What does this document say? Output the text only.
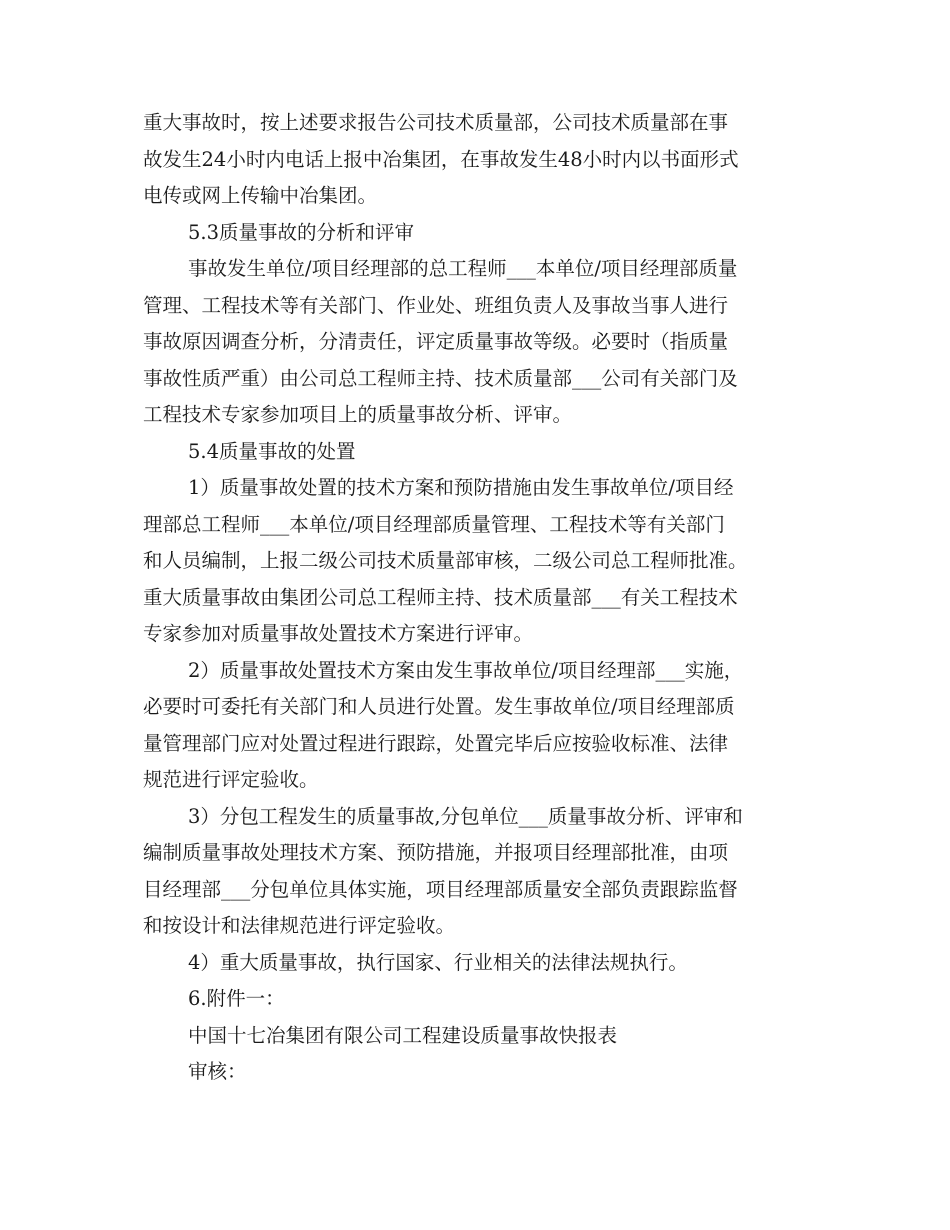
重大事故时，按上述要求报告公司技术质量部，公司技术质量部在事
故发生24小时内电话上报中冶集团，在事故发生48小时内以书面形式
电传或网上传输中冶集团。
5.3质量事故的分析和评审
事故发生单位/项目经理部的总工程师___本单位/项目经理部质量
管理、工程技术等有关部门、作业处、班组负责人及事故当事人进行
事故原因调查分析，分清责任，评定质量事故等级。必要时（指质量
事故性质严重）由公司总工程师主持、技术质量部___公司有关部门及
工程技术专家参加项目上的质量事故分析、评审。
5.4质量事故的处置
1）质量事故处置的技术方案和预防措施由发生事故单位/项目经
理部总工程师___本单位/项目经理部质量管理、工程技术等有关部门
和人员编制，上报二级公司技术质量部审核，二级公司总工程师批准。
重大质量事故由集团公司总工程师主持、技术质量部___有关工程技术
专家参加对质量事故处置技术方案进行评审。
2）质量事故处置技术方案由发生事故单位/项目经理部___实施，
必要时可委托有关部门和人员进行处置。发生事故单位/项目经理部质
量管理部门应对处置过程进行跟踪，处置完毕后应按验收标准、法律
规范进行评定验收。
3）分包工程发生的质量事故,分包单位___质量事故分析、评审和
编制质量事故处理技术方案、预防措施，并报项目经理部批准，由项
目经理部___分包单位具体实施，项目经理部质量安全部负责跟踪监督
和按设计和法律规范进行评定验收。
4）重大质量事故，执行国家、行业相关的法律法规执行。
6.附件一：
中国十七冶集团有限公司工程建设质量事故快报表
审核：
